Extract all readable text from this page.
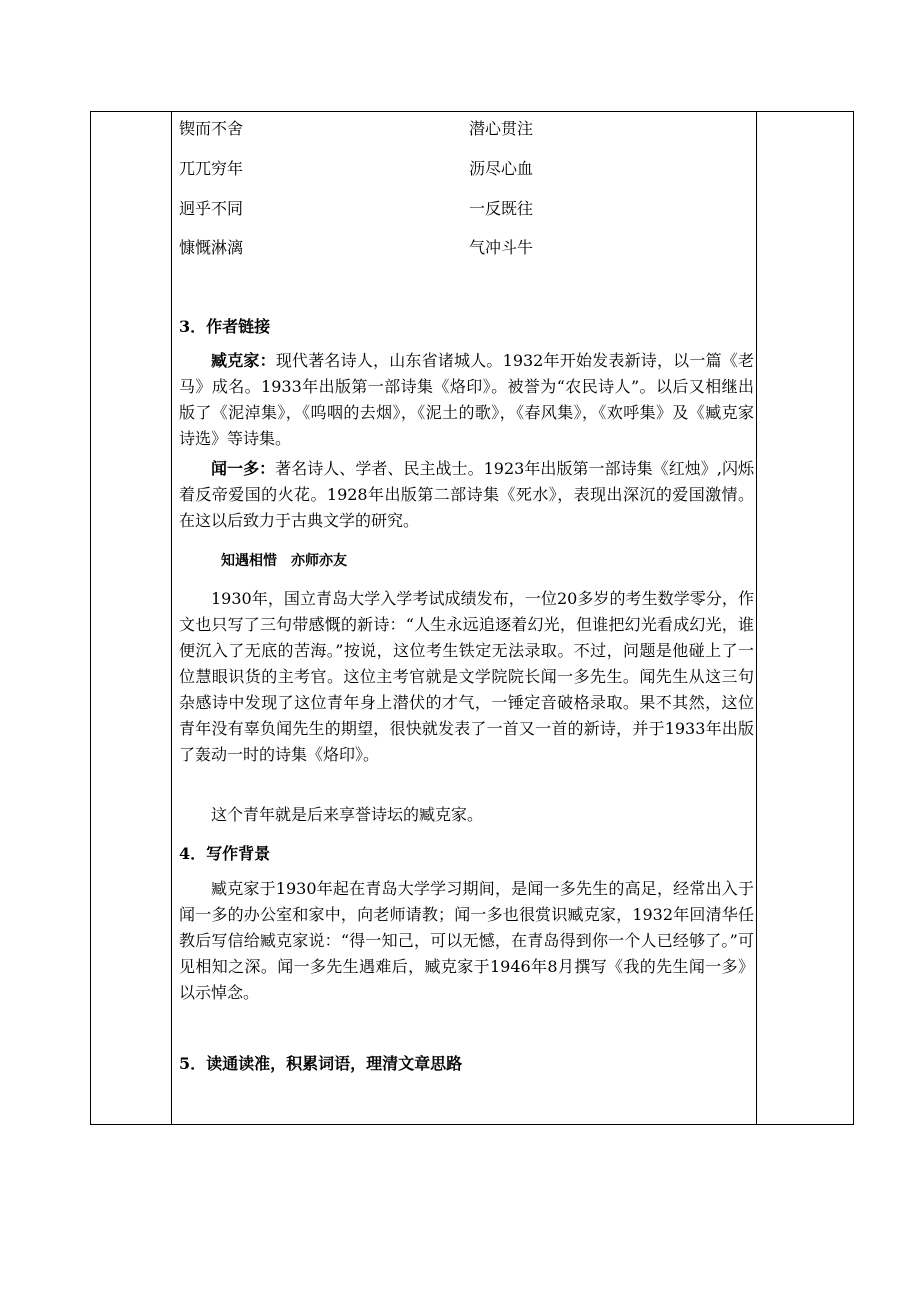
锲而不舍	潜心贯注
兀兀穷年	沥尽心血
迥乎不同	一反既往
慷慨淋漓	气冲斗牛
3．作者链接
臧克家：现代著名诗人，山东省诸城人。1932年开始发表新诗，以一篇《老马》成名。1933年出版第一部诗集《烙印》。被誉为“农民诗人”。以后又相继出版了《泥淖集》，《呜咽的去烟》，《泥土的歌》，《春风集》，《欢呼集》及《臧克家诗选》等诗集。
闻一多：著名诗人、学者、民主战士。1923年出版第一部诗集《红烛》,闪烁着反帝爱国的火花。1928年出版第二部诗集《死水》，表现出深沉的爱国激情。在这以后致力于古典文学的研究。
知遇相惜 亦师亦友
1930年，国立青岛大学入学考试成绩发布，一位20多岁的考生数学零分，作文也只写了三句带感慨的新诗：“人生永远追逐着幻光，但谁把幻光看成幻光，谁便沉入了无底的苦海。”按说，这位考生铁定无法录取。不过，问题是他碰上了一位慧眼识货的主考官。这位主考官就是文学院院长闻一多先生。闻先生从这三句杂感诗中发现了这位青年身上潜伏的才气，一锤定音破格录取。果不其然，这位青年没有辜负闻先生的期望，很快就发表了一首又一首的新诗，并于1933年出版了轰动一时的诗集《烙印》。
这个青年就是后来享誉诗坛的臧克家。
4．写作背景
臧克家于1930年起在青岛大学学习期间，是闻一多先生的高足，经常出入于闻一多的办公室和家中，向老师请教；闻一多也很赏识臧克家，1932年回清华任教后写信给臧克家说：“得一知己，可以无憾，在青岛得到你一个人已经够了。”可见相知之深。闻一多先生遇难后，臧克家于1946年8月撰写《我的先生闻一多》以示悼念。
5．读通读准，积累词语，理清文章思路
